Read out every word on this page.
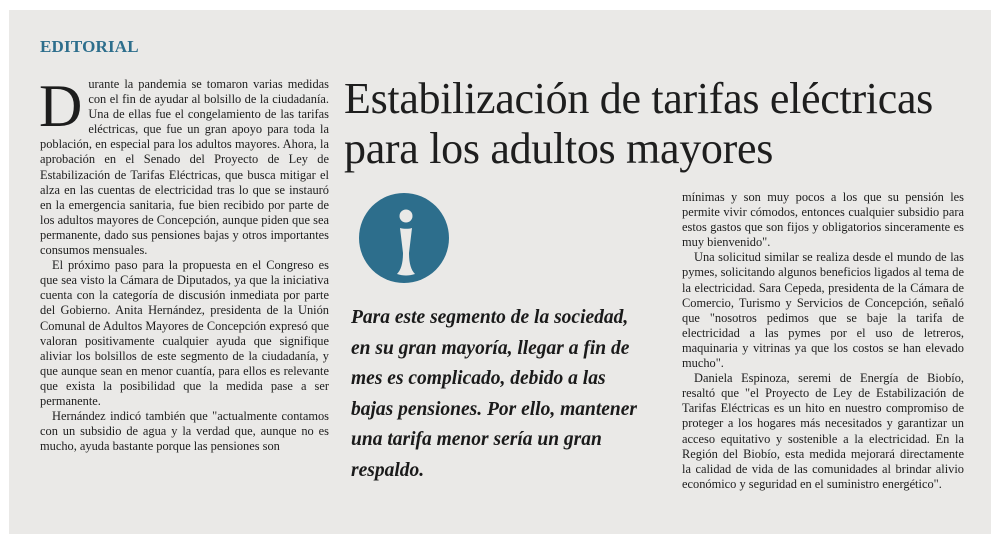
EDITORIAL

Durante la pandemia se tomaron varias medidas con el fin de ayudar al bolsillo de la ciudadanía. Una de ellas fue el congelamiento de las tarifas eléctricas, que fue un gran apoyo para toda la población, en especial para los adultos mayores. Ahora, la aprobación en el Senado del Proyecto de Ley de Estabilización de Tarifas Eléctricas, que busca mitigar el alza en las cuentas de electricidad tras lo que se instauró en la emergencia sanitaria, fue bien recibido por parte de los adultos mayores de Concepción, aunque piden que sea permanente, dado sus pensiones bajas y otros importantes consumos mensuales.

El próximo paso para la propuesta en el Congreso es que sea visto la Cámara de Diputados, ya que la iniciativa cuenta con la categoría de discusión inmediata por parte del Gobierno. Anita Hernández, presidenta de la Unión Comunal de Adultos Mayores de Concepción expresó que valoran positivamente cualquier ayuda que signifique aliviar los bolsillos de este segmento de la ciudadanía, y que aunque sean en menor cuantía, para ellos es relevante que exista la posibilidad que la medida pase a ser permanente.

Hernández indicó también que "actualmente contamos con un subsidio de agua y la verdad que, aunque no es mucho, ayuda bastante porque las pensiones son

Estabilización de tarifas eléctricas para los adultos mayores

Para este segmento de la sociedad, en su gran mayoría, llegar a fin de mes es complicado, debido a las bajas pensiones. Por ello, mantener una tarifa menor sería un gran respaldo.

mínimas y son muy pocos a los que su pensión les permite vivir cómodos, entonces cualquier subsidio para estos gastos que son fijos y obligatorios sinceramente es muy bienvenido".

Una solicitud similar se realiza desde el mundo de las pymes, solicitando algunos beneficios ligados al tema de la electricidad. Sara Cepeda, presidenta de la Cámara de Comercio, Turismo y Servicios de Concepción, señaló que "nosotros pedimos que se baje la tarifa de electricidad a las pymes por el uso de letreros, maquinaria y vitrinas ya que los costos se han elevado mucho".

Daniela Espinoza, seremi de Energía de Biobío, resaltó que "el Proyecto de Ley de Estabilización de Tarifas Eléctricas es un hito en nuestro compromiso de proteger a los hogares más necesitados y garantizar un acceso equitativo y sostenible a la electricidad. En la Región del Biobío, esta medida mejorará directamente la calidad de vida de las comunidades al brindar alivio económico y seguridad en el suministro energético".
